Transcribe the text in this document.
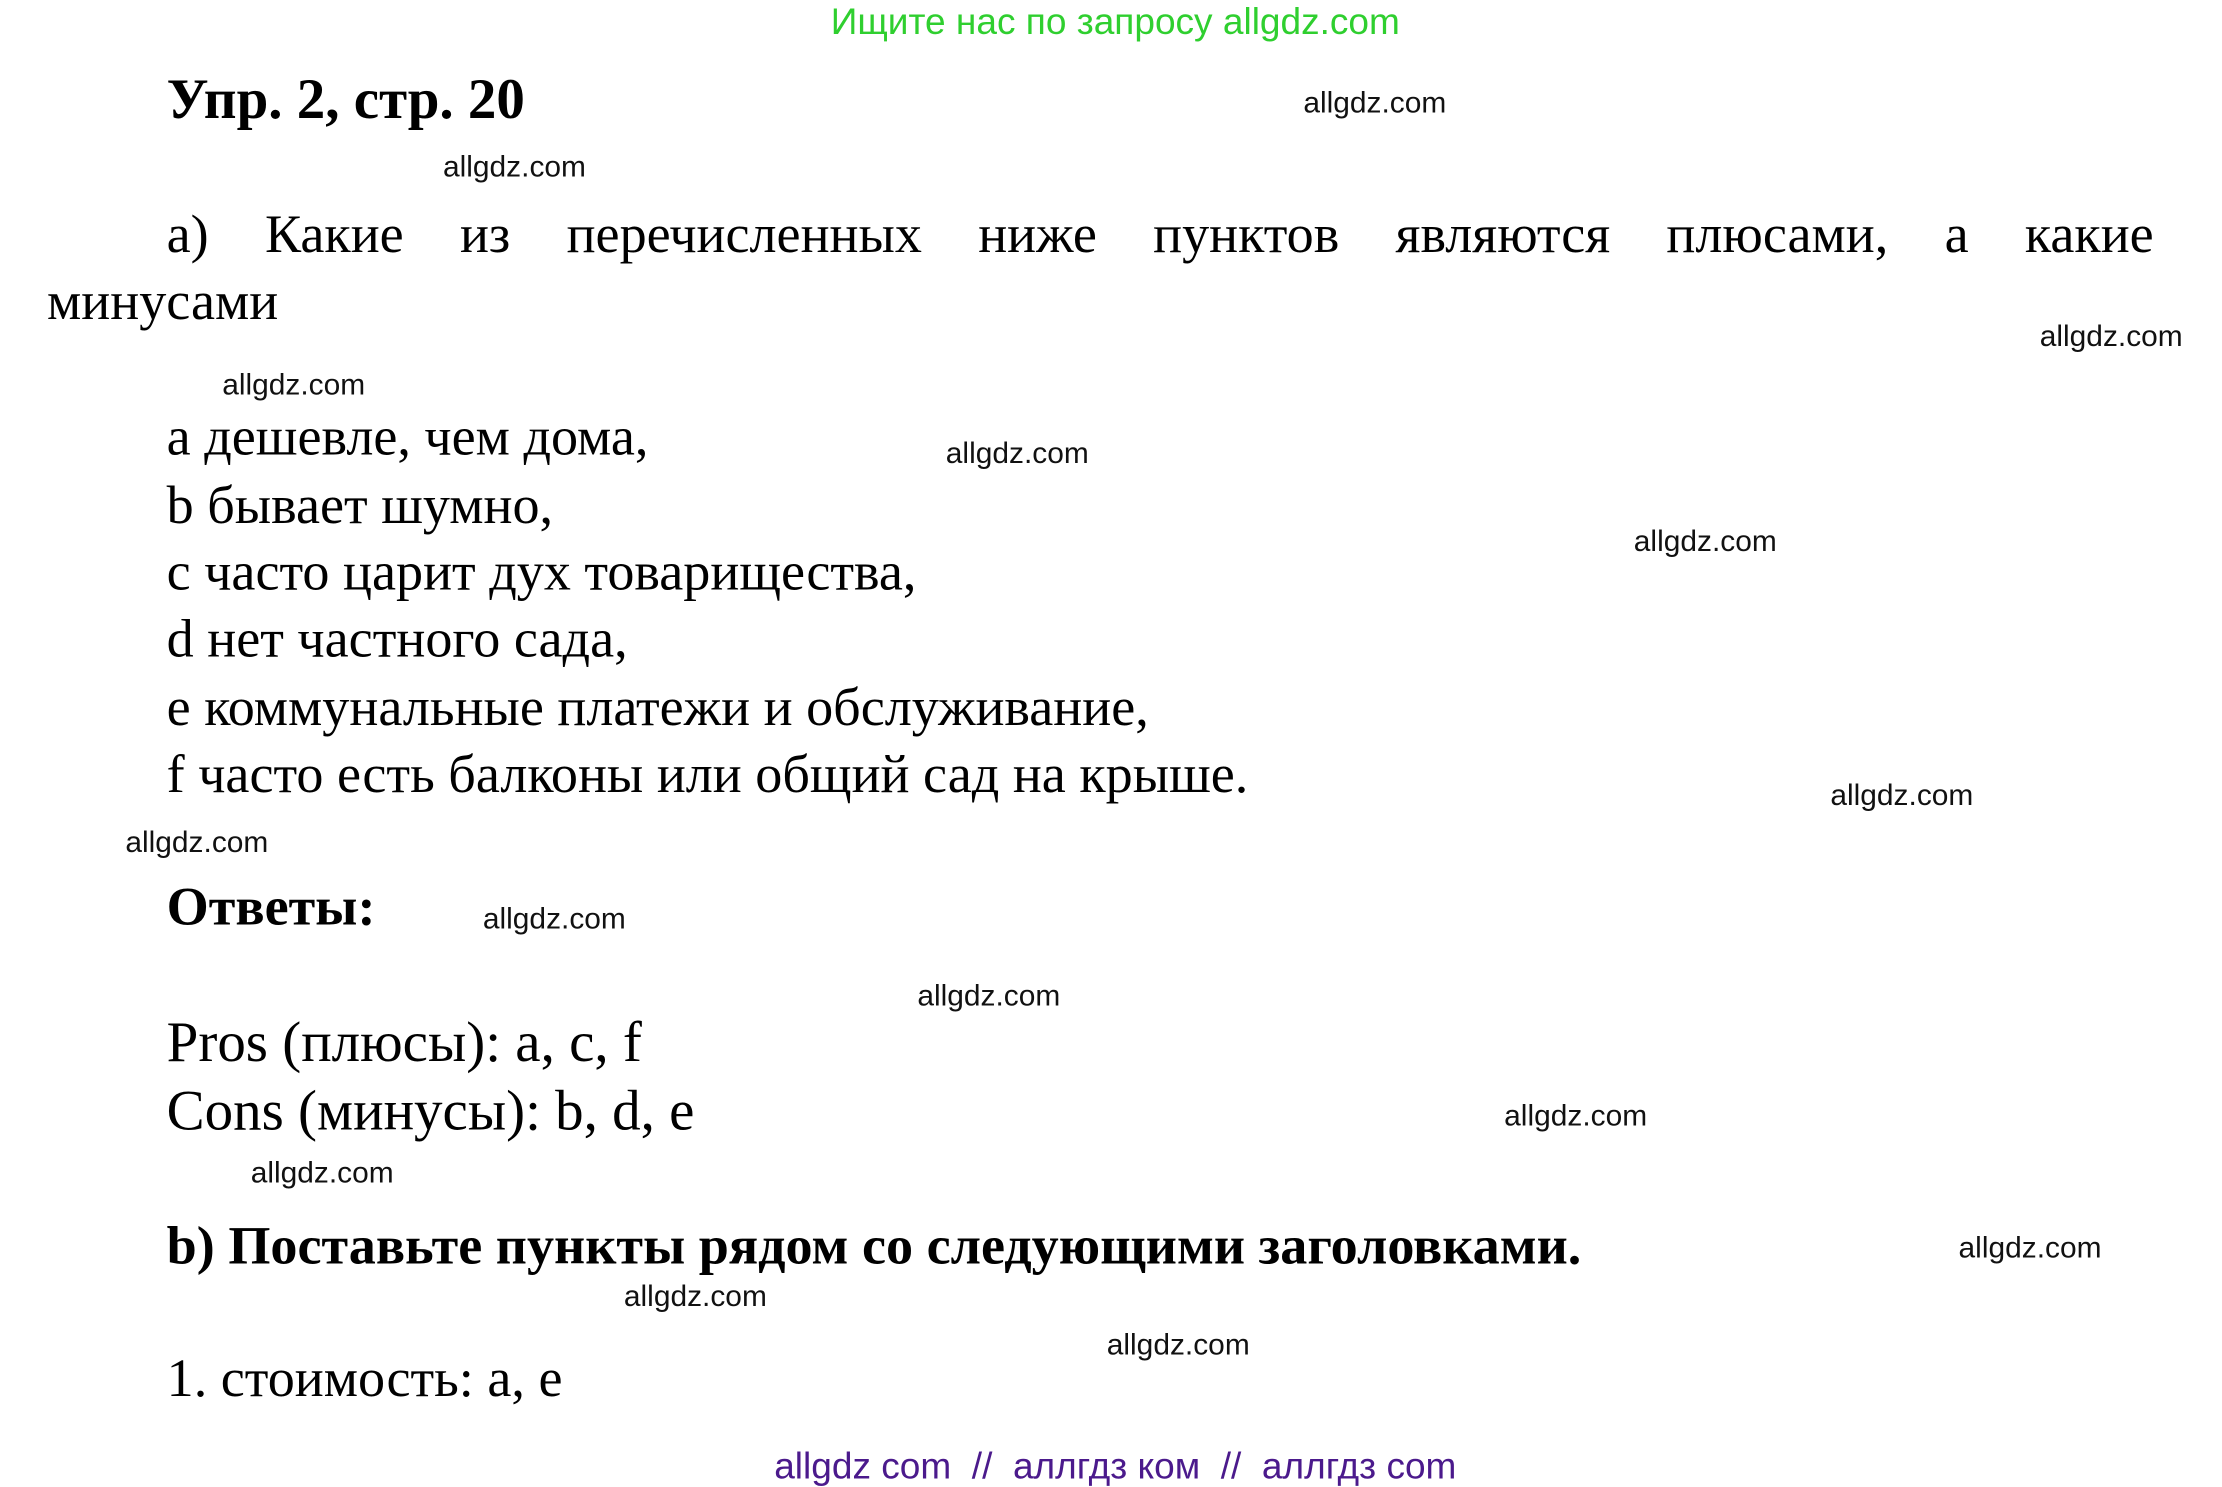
Ищите нас по запросу allgdz.com
Упр. 2, стр. 20
а) Какие из перечисленных ниже пунктов являются плюсами, а какие
минусами
a дешевле, чем дома,
b бывает шумно,
c часто царит дух товарищества,
d нет частного сада,
e коммунальные платежи и обслуживание,
f часто есть балконы или общий сад на крыше.
Ответы:
Pros (плюсы): a, c, f
Cons (минусы): b, d, e
b) Поставьте пункты рядом со следующими заголовками.
1. стоимость: a, e
allgdz.com
allgdz.com
allgdz.com
allgdz.com
allgdz.com
allgdz.com
allgdz.com
allgdz.com
allgdz.com
allgdz.com
allgdz.com
allgdz.com
allgdz.com
allgdz.com
allgdz.com
allgdz com  //  аллгдз ком  //  аллгдз com
